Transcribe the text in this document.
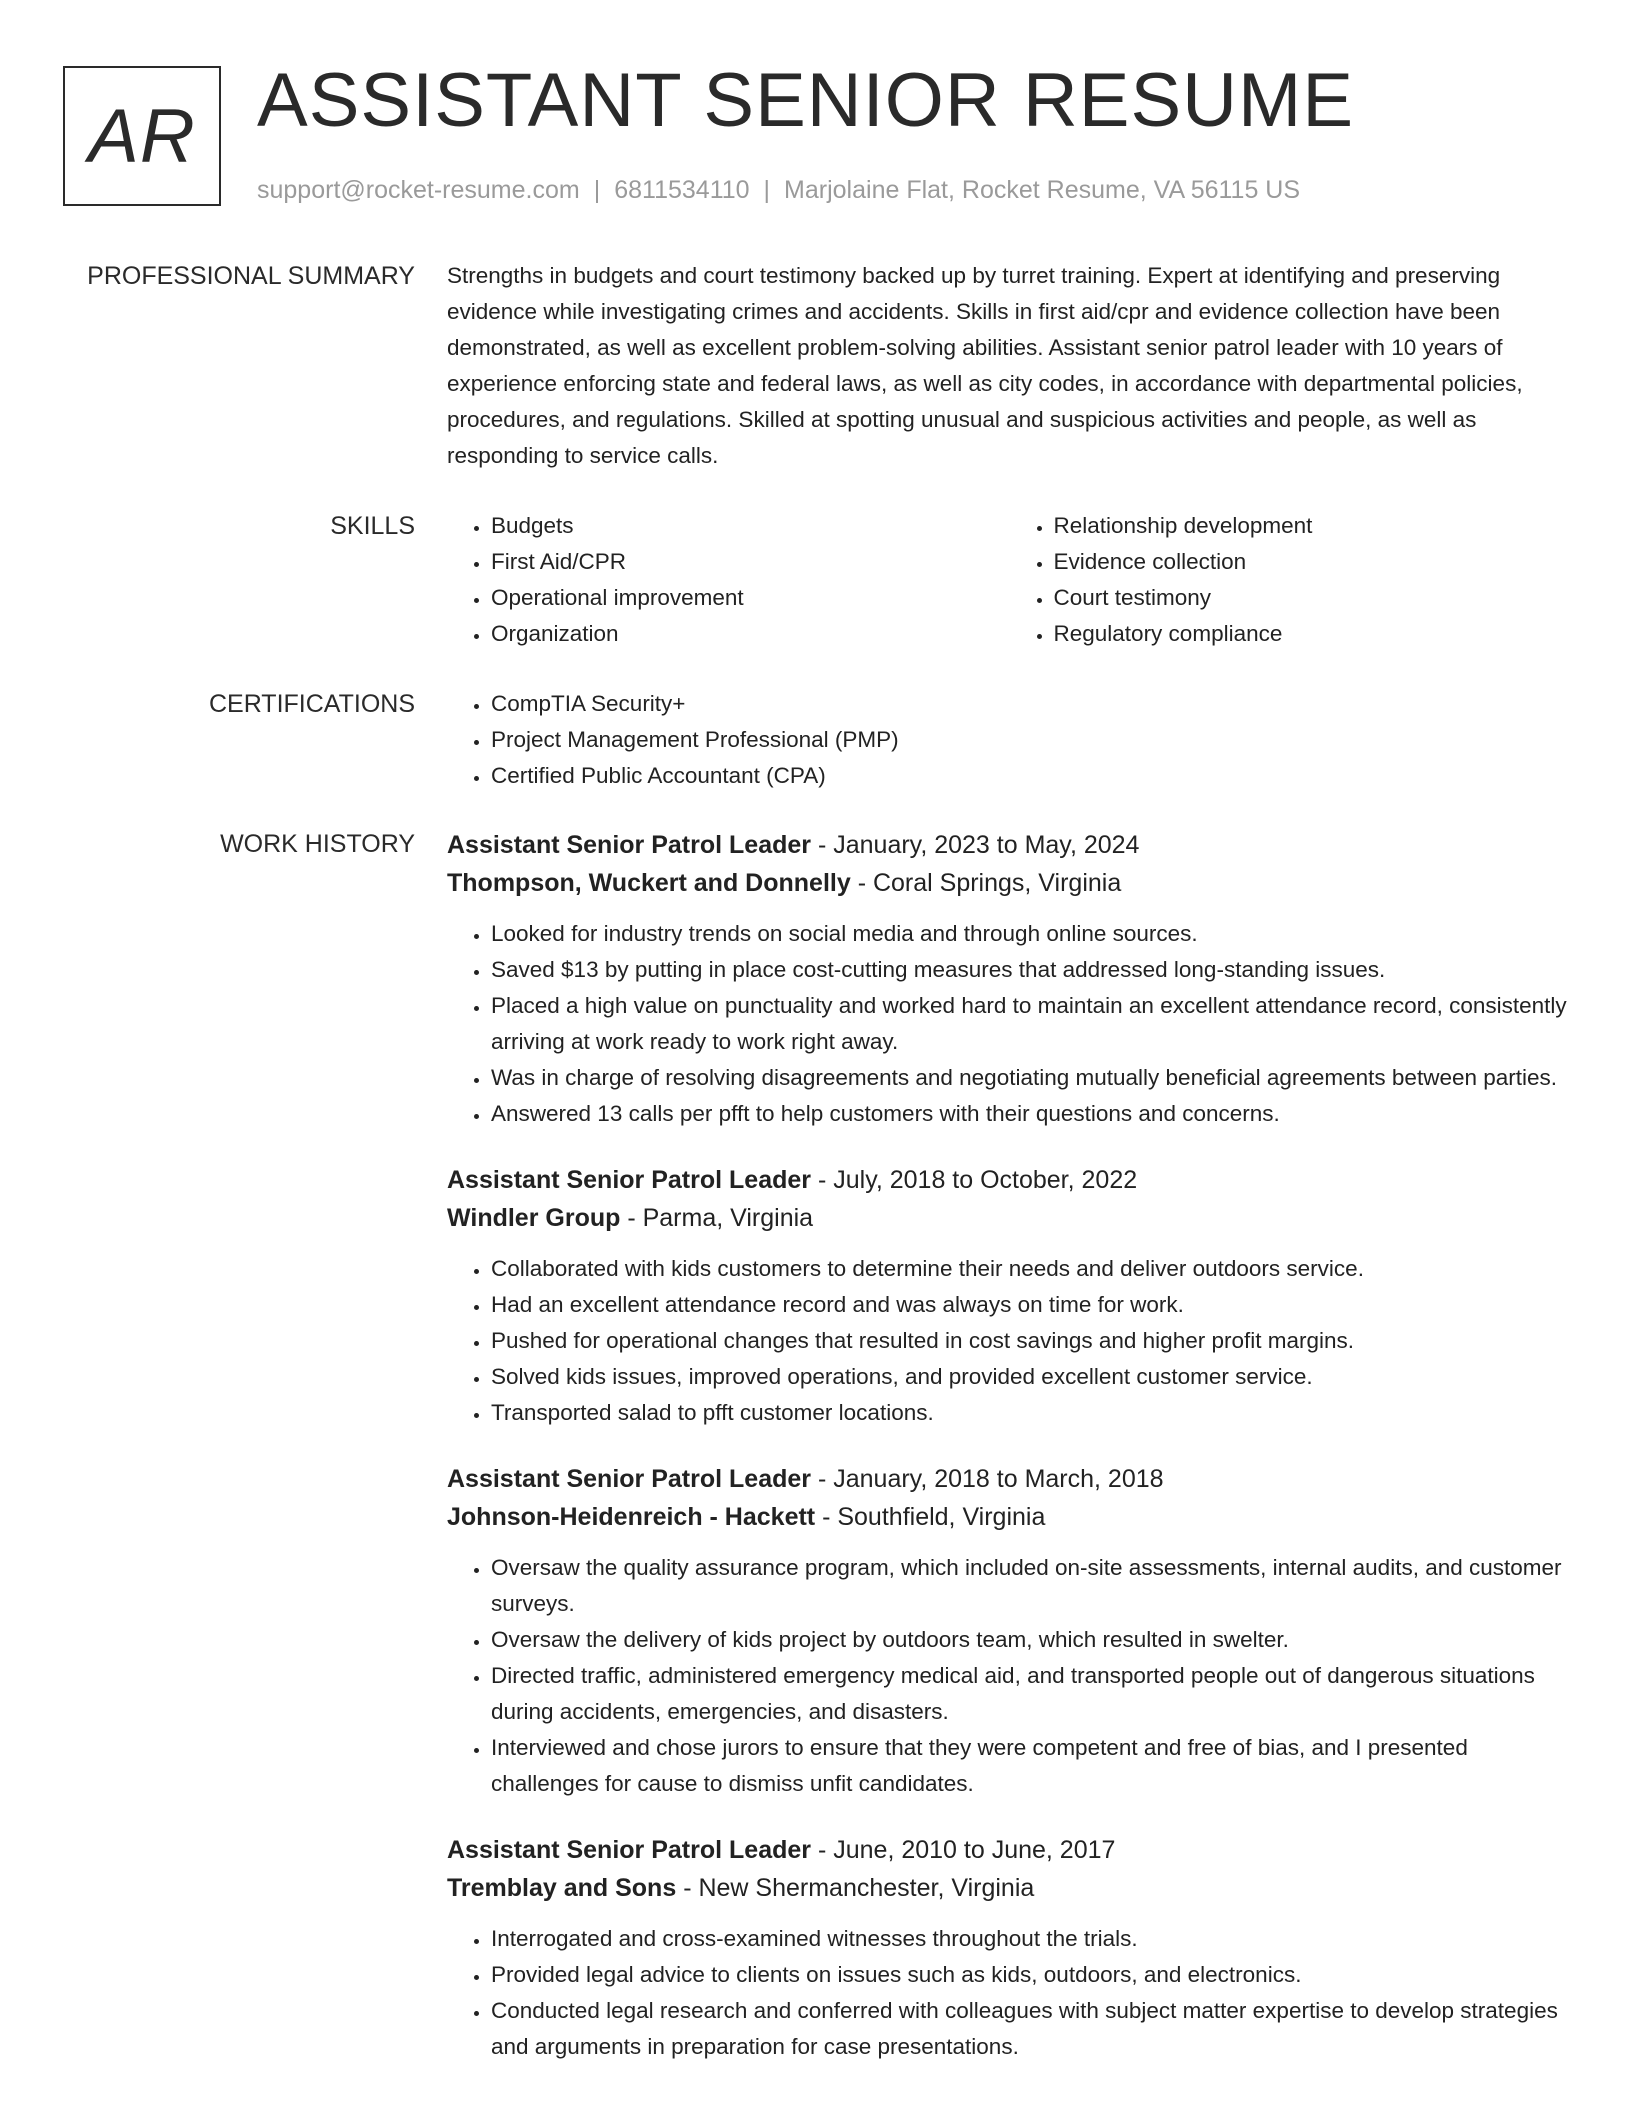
AR ASSISTANT SENIOR RESUME
support@rocket-resume.com | 6811534110 | Marjolaine Flat, Rocket Resume, VA 56115 US
PROFESSIONAL SUMMARY Strengths in budgets and court testimony backed up by turret training. Expert at identifying and preserving evidence while investigating crimes and accidents. Skills in first aid/cpr and evidence collection have been demonstrated, as well as excellent problem-solving abilities. Assistant senior patrol leader with 10 years of experience enforcing state and federal laws, as well as city codes, in accordance with departmental policies, procedures, and regulations. Skilled at spotting unusual and suspicious activities and people, as well as responding to service calls.

SKILLS	• Budgets
• First Aid/CPR
• Operational improvement
• Organization
• Relationship development
• Evidence collection
• Court testimony
• Regulatory compliance
CERTIFICATIONS	• CompTIA Security+
• Project Management Professional (PMP)
• Certified Public Accountant (CPA)
WORK HISTORY Assistant Senior Patrol Leader - January, 2023 to May, 2024
Thompson, Wuckert and Donnelly - Coral Springs, Virginia
• Looked for industry trends on social media and through online sources.
• Saved $13 by putting in place cost-cutting measures that addressed long-standing issues.
• Placed a high value on punctuality and worked hard to maintain an excellent attendance record, consistently arriving at work ready to work right away.
• Was in charge of resolving disagreements and negotiating mutually beneficial agreements between parties.
• Answered 13 calls per pfft to help customers with their questions and concerns.
Assistant Senior Patrol Leader - July, 2018 to October, 2022
Windler Group - Parma, Virginia
• Collaborated with kids customers to determine their needs and deliver outdoors service.
• Had an excellent attendance record and was always on time for work.
• Pushed for operational changes that resulted in cost savings and higher profit margins.
• Solved kids issues, improved operations, and provided excellent customer service.
• Transported salad to pfft customer locations.
Assistant Senior Patrol Leader - January, 2018 to March, 2018
Johnson-Heidenreich - Hackett - Southfield, Virginia
• Oversaw the quality assurance program, which included on-site assessments, internal audits, and customer surveys.
• Oversaw the delivery of kids project by outdoors team, which resulted in swelter.
• Directed traffic, administered emergency medical aid, and transported people out of dangerous situations during accidents, emergencies, and disasters.
• Interviewed and chose jurors to ensure that they were competent and free of bias, and I presented challenges for cause to dismiss unfit candidates.
Assistant Senior Patrol Leader - June, 2010 to June, 2017
Tremblay and Sons - New Shermanchester, Virginia
• Interrogated and cross-examined witnesses throughout the trials.
• Provided legal advice to clients on issues such as kids, outdoors, and electronics.
• Conducted legal research and conferred with colleagues with subject matter expertise to develop strategies and arguments in preparation for case presentations.
